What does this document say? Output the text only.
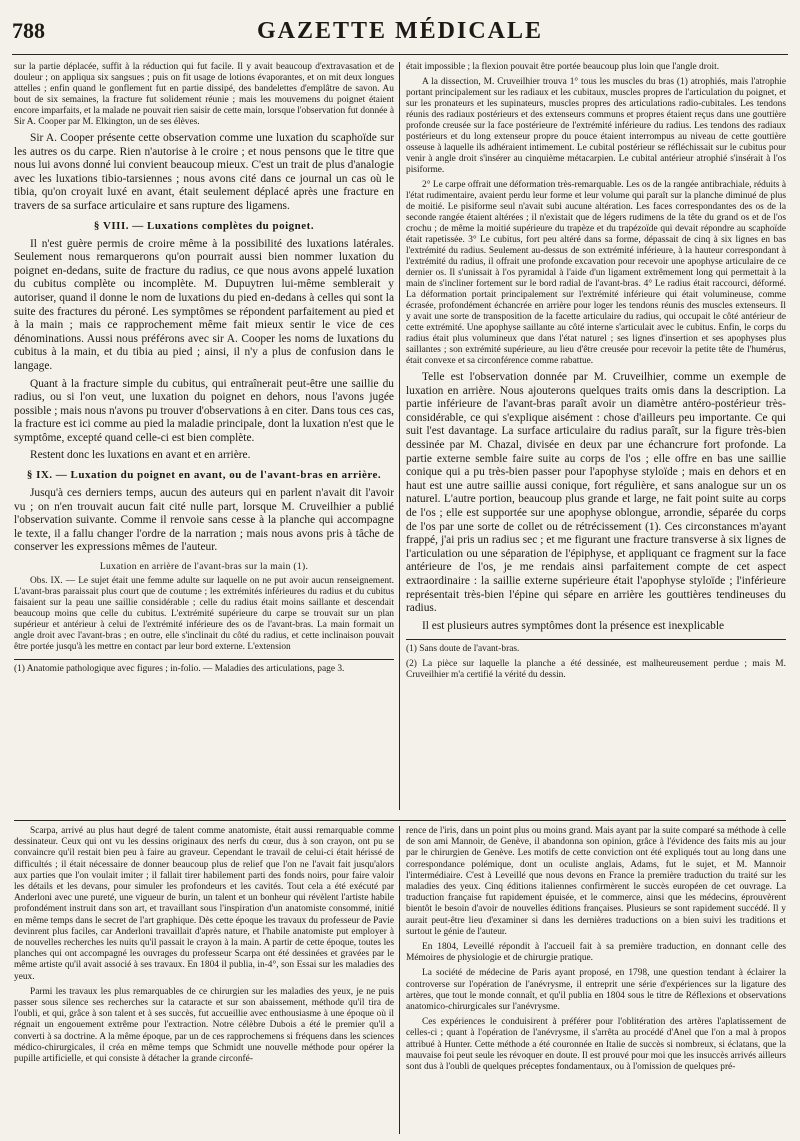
788	GAZETTE MÉDICALE

sur la partie déplacée, suffit à la réduction qui fut facile. Il y avait beaucoup d'extravasation et de douleur ; on appliqua six sangsues ; puis on fit usage de lotions évaporantes, et on mit deux longues attelles ; enfin quand le gonflement fut en partie dissipé, des bandelettes d'emplâtre de savon. Au bout de six semaines, la fracture fut solidement réunie ; mais les mouvemens du poignet étaient encore imparfaits, et la malade ne pouvait rien saisir de cette main, lorsque l'observation fut donnée à Sir A. Cooper par M. Elkington, un de ses élèves.

Sir A. Cooper présente cette observation comme une luxation du scaphoïde sur les autres os du carpe. Rien n'autorise à le croire ; et nous pensons que le titre que nous lui avons donné lui convient beaucoup mieux. C'est un trait de plus d'analogie avec les luxations tibio-tarsiennes ; nous avons cité dans ce journal un cas où le tibia, qu'on croyait luxé en avant, était seulement déplacé après une fracture en travers de sa surface articulaire et sans rupture des ligamens.

§ VIII. — Luxations complètes du poignet.

Il n'est guère permis de croire même à la possibilité des luxations latérales. Seulement nous remarquerons qu'on pourrait aussi bien nommer luxation du poignet en-dedans, suite de fracture du radius, ce que nous avons appelé luxation du cubitus complète ou incomplète. M. Dupuytren lui-même semblerait y autoriser, quand il donne le nom de luxations du pied en-dedans à celles qui sont la suite des fractures du péroné. Les symptômes se répondent parfaitement au pied et à la main ; mais ce rapprochement même fait mieux sentir le vice de ces dénominations. Aussi nous préférons avec sir A. Cooper les noms de luxations du cubitus à la main, et du tibia au pied ; ainsi, il n'y a plus de confusion dans le langage.

Quant à la fracture simple du cubitus, qui entraînerait peut-être une saillie du radius, ou si l'on veut, une luxation du poignet en dehors, nous l'avons jugée possible ; mais nous n'avons pu trouver d'observations à en citer. Dans tous ces cas, la fracture est ici comme au pied la maladie principale, dont la luxation n'est que le symptôme, excepté quand celle-ci est bien complète.

Restent donc les luxations en avant et en arrière.

§ IX. — Luxation du poignet en avant, ou de l'avant-bras en arrière.

Jusqu'à ces derniers temps, aucun des auteurs qui en parlent n'avait dit l'avoir vu ; on n'en trouvait aucun fait cité nulle part, lorsque M. Cruveilhier a publié l'observation suivante. Comme il renvoie sans cesse à la planche qui accompagne le texte, il a fallu changer l'ordre de la narration ; mais nous avons pris à tâche de conserver les expressions mêmes de l'auteur.

Luxation en arrière de l'avant-bras sur la main (1).

Obs. IX. — Le sujet était une femme adulte sur laquelle on ne put avoir aucun renseignement. L'avant-bras paraissait plus court que de coutume ; les extrémités inférieures du radius et du cubitus faisaient sur la peau une saillie considérable ; celle du radius était moins saillante et descendait beaucoup moins que celle du cubitus. L'extrémité supérieure du carpe se trouvait sur un plan supérieur et antérieur à celui de l'extrémité inférieure des os de l'avant-bras. La main formait un angle droit avec l'avant-bras ; en outre, elle s'inclinait du côté du radius, et cette inclinaison pouvait être portée jusqu'à les mettre en contact par leur bord externe. L'extension

(1) Anatomie pathologique avec figures ; in-folio. — Maladies des articulations, page 3.

était impossible ; la flexion pouvait être portée beaucoup plus loin que l'angle droit.

A la dissection, M. Cruveilhier trouva 1° tous les muscles du bras (1) atrophiés, mais l'atrophie portant principalement sur les radiaux et les cubitaux, muscles propres de l'articulation du poignet, et sur les pronateurs et les supinateurs, muscles propres des articulations radio-cubitales. Les tendons réunis des radiaux postérieurs et des extenseurs communs et propres étaient reçus dans une gouttière profonde creusée sur la face postérieure de l'extrémité inférieure du radius. Les tendons des radiaux postérieurs et du long extenseur propre du pouce étaient interrompus au niveau de cette gouttière osseuse à laquelle ils adhéraient intimement. Le cubital postérieur se réfléchissait sur le cubitus pour venir à angle droit s'insérer au cinquième métacarpien. Le cubital antérieur atrophié s'insérait à l'os pisiforme.

2° Le carpe offrait une déformation très-remarquable. Les os de la rangée antibrachiale, réduits à l'état rudimentaire, avaient perdu leur forme et leur volume qui paraît sur la planche diminué de plus de moitié. Le pisiforme seul n'avait subi aucune altération. Les faces correspondantes des os de la seconde rangée étaient altérées ; il n'existait que de légers rudimens de la tête du grand os et de l'os crochu ; de même la moitié supérieure du trapèze et du trapézoïde qui devait répondre au scaphoïde était rapetissée. 3° Le cubitus, fort peu altéré dans sa forme, dépassait de cinq à six lignes en bas l'extrémité du radius. Seulement au-dessus de son extrémité inférieure, à la hauteur correspondant à l'extrémité du radius, il offrait une profonde excavation pour recevoir une apophyse articulaire de ce dernier os. Il s'unissait à l'os pyramidal à l'aide d'un ligament extrêmement long qui permettait à la main de s'incliner fortement sur le bord radial de l'avant-bras. 4° Le radius était raccourci, déformé. La déformation portait principalement sur l'extrémité inférieure qui était volumineuse, comme écrasée, profondément échancrée en arrière pour loger les tendons réunis des muscles extenseurs. Il y avait une sorte de transposition de la facette articulaire du radius, qui occupait le côté antérieur de cette extrémité. Une apophyse saillante au côté interne s'articulait avec le cubitus. Enfin, le corps du radius était plus volumineux que dans l'état naturel ; ses lignes d'insertion et ses apophyses plus saillantes ; son extrémité supérieure, au lieu d'être creusée pour recevoir la petite tête de l'humérus, était convexe et sa circonférence comme rabattue.

Telle est l'observation donnée par M. Cruveilhier, comme un exemple de luxation en arrière. Nous ajouterons quelques traits omis dans la description. La partie inférieure de l'avant-bras paraît avoir un diamètre antéro-postérieur très-considérable, ce qui s'explique aisément : chose d'ailleurs peu importante. Ce qui suit l'est davantage. La surface articulaire du radius paraît, sur la figure très-bien dessinée par M. Chazal, divisée en deux par une échancrure fort profonde. La partie externe semble faire suite au corps de l'os ; elle offre en bas une saillie conique qui a pu très-bien passer pour l'apophyse styloïde ; mais en dehors et en haut est une autre saillie aussi conique, fort régulière, et sans analogue sur un os naturel. L'autre portion, beaucoup plus grande et large, ne fait point suite au corps de l'os ; elle est supportée sur une apophyse oblongue, arrondie, séparée du corps de l'os par une sorte de collet ou de rétrécissement (1). Ces circonstances m'ayant frappé, j'ai pris un radius sec ; et me figurant une fracture transverse à six lignes de l'articulation ou une séparation de l'épiphyse, et appliquant ce fragment sur la face antérieure de l'os, je me rendais ainsi parfaitement compte de cet aspect extraordinaire : la saillie externe supérieure était l'apophyse styloïde ; l'inférieure représentait très-bien l'épine qui sépare en arrière les gouttières tendineuses du radius.

Il est plusieurs autres symptômes dont la présence est inexplicable

(1) Sans doute de l'avant-bras.

(2) La pièce sur laquelle la planche a été dessinée, est malheureusement perdue ; mais M. Cruveilhier m'a certifié la vérité du dessin.

Scarpa, arrivé au plus haut degré de talent comme anatomiste, était aussi remarquable comme dessinateur. Ceux qui ont vu les dessins originaux des nerfs du cœur, dus à son crayon, ont pu se convaincre qu'il restait bien peu à faire au graveur. Cependant le travail de celui-ci était hérissé de difficultés ; il était nécessaire de donner beaucoup plus de relief que l'on ne l'avait fait jusqu'alors aux parties que l'on voulait imiter ; il fallait tirer habilement parti des fonds noirs, pour faire valoir les détails et les devans, pour simuler les profondeurs et les cavités. Tout cela a été exécuté par Anderloni avec une pureté, une vigueur de burin, un talent et un bonheur qui révèlent l'artiste habile profondément instruit dans son art, et travaillant sous l'inspiration d'un anatomiste consommé, initié en même temps dans le secret de l'art graphique. Dès cette époque les travaux du professeur de Pavie devinrent plus faciles, car Anderloni travaillait d'après nature, et l'habile anatomiste put employer à de nouvelles recherches les nuits qu'il passait le crayon à la main. A partir de cette époque, toutes les planches qui ont accompagné les ouvrages du professeur Scarpa ont été dessinées et gravées par le même artiste qu'il avait associé à ses travaux. En 1804 il publia, in-4°, son Essai sur les maladies des yeux.

Parmi les travaux les plus remarquables de ce chirurgien sur les maladies des yeux, je ne puis passer sous silence ses recherches sur la cataracte et sur son abaissement, méthode qu'il tira de l'oubli, et qui, grâce à son talent et à ses succès, fut accueillie avec enthousiasme à une époque où il régnait un engouement extrême pour l'extraction. Notre célèbre Dubois a été le premier qu'il a converti à sa doctrine. A la même époque, par un de ces rapprochemens si fréquens dans les sciences médico-chirurgicales, il créa en même temps que Schmidt une nouvelle méthode pour opérer la pupille artificielle, et qui consiste à détacher la grande circonfé-

rence de l'iris, dans un point plus ou moins grand. Mais ayant par la suite comparé sa méthode à celle de son ami Mannoir, de Genève, il abandonna son opinion, grâce à l'évidence des faits mis au jour par le chirurgien de Genève. Les motifs de cette conviction ont été expliqués tout au long dans une correspondance polémique, dont un oculiste anglais, Adams, fut le sujet, et M. Mannoir l'intermédiaire. C'est à Leveillé que nous devons en France la première traduction du traité sur les maladies des yeux. Cinq éditions italiennes confirmèrent le succès européen de cet ouvrage. La traduction française fut rapidement épuisée, et le commerce, ainsi que les médecins, éprouvèrent bientôt le besoin d'avoir de nouvelles éditions françaises. Plusieurs se sont rapidement succédé. Il y aurait peut-être lieu d'examiner si dans les dernières traductions on a bien suivi les traditions et surtout le génie de l'auteur.

En 1804, Leveillé répondit à l'accueil fait à sa première traduction, en donnant celle des Mémoires de physiologie et de chirurgie pratique.

La société de médecine de Paris ayant proposé, en 1798, une question tendant à éclairer la controverse sur l'opération de l'anévrysme, il entreprit une série d'expériences sur la ligature des artères, que tout le monde connaît, et qu'il publia en 1804 sous le titre de Réflexions et observations anatomico-chirurgicales sur l'anévrysme.

Ces expériences le conduisirent à préférer pour l'oblitération des artères l'aplatissement de celles-ci ; quant à l'opération de l'anévrysme, il s'arrêta au procédé d'Anel que l'on a mal à propos attribué à Hunter. Cette méthode a été couronnée en Italie de succès si nombreux, si éclatans, que la mauvaise foi peut seule les révoquer en doute. Il est prouvé pour moi que les insuccès arrivés ailleurs sont dus à l'oubli de quelques préceptes fondamentaux, ou à l'omission de quelques pré-
